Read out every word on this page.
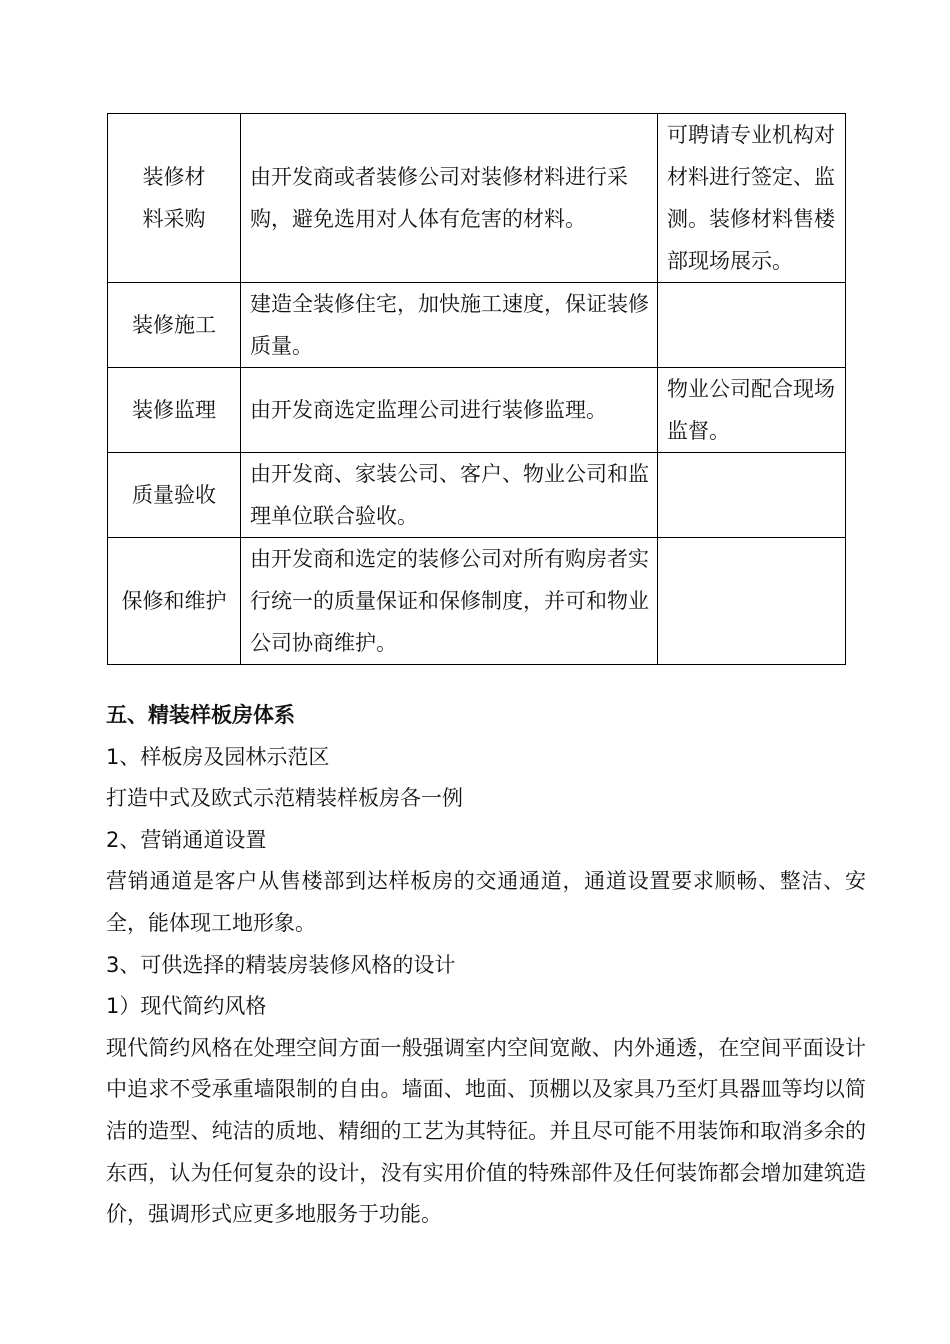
装修材
料采购	由开发商或者装修公司对装修材料进行采购，避免选用对人体有危害的材料。	可聘请专业机构对材料进行签定、监测。装修材料售楼部现场展示。

装修施工	建造全装修住宅，加快施工速度，保证装修质量。	

装修监理	由开发商选定监理公司进行装修监理。	物业公司配合现场监督。

质量验收	由开发商、家装公司、客户、物业公司和监理单位联合验收。	

保修和维护	由开发商和选定的装修公司对所有购房者实行统一的质量保证和保修制度，并可和物业公司协商维护。	

五、精装样板房体系

1、样板房及园林示范区

打造中式及欧式示范精装样板房各一例

2、营销通道设置

营销通道是客户从售楼部到达样板房的交通通道，通道设置要求顺畅、整洁、安全，能体现工地形象。

3、可供选择的精装房装修风格的设计

1）现代简约风格

现代简约风格在处理空间方面一般强调室内空间宽敞、内外通透，在空间平面设计中追求不受承重墙限制的自由。墙面、地面、顶棚以及家具乃至灯具器皿等均以简洁的造型、纯洁的质地、精细的工艺为其特征。并且尽可能不用装饰和取消多余的东西，认为任何复杂的设计，没有实用价值的特殊部件及任何装饰都会增加建筑造价，强调形式应更多地服务于功能。
